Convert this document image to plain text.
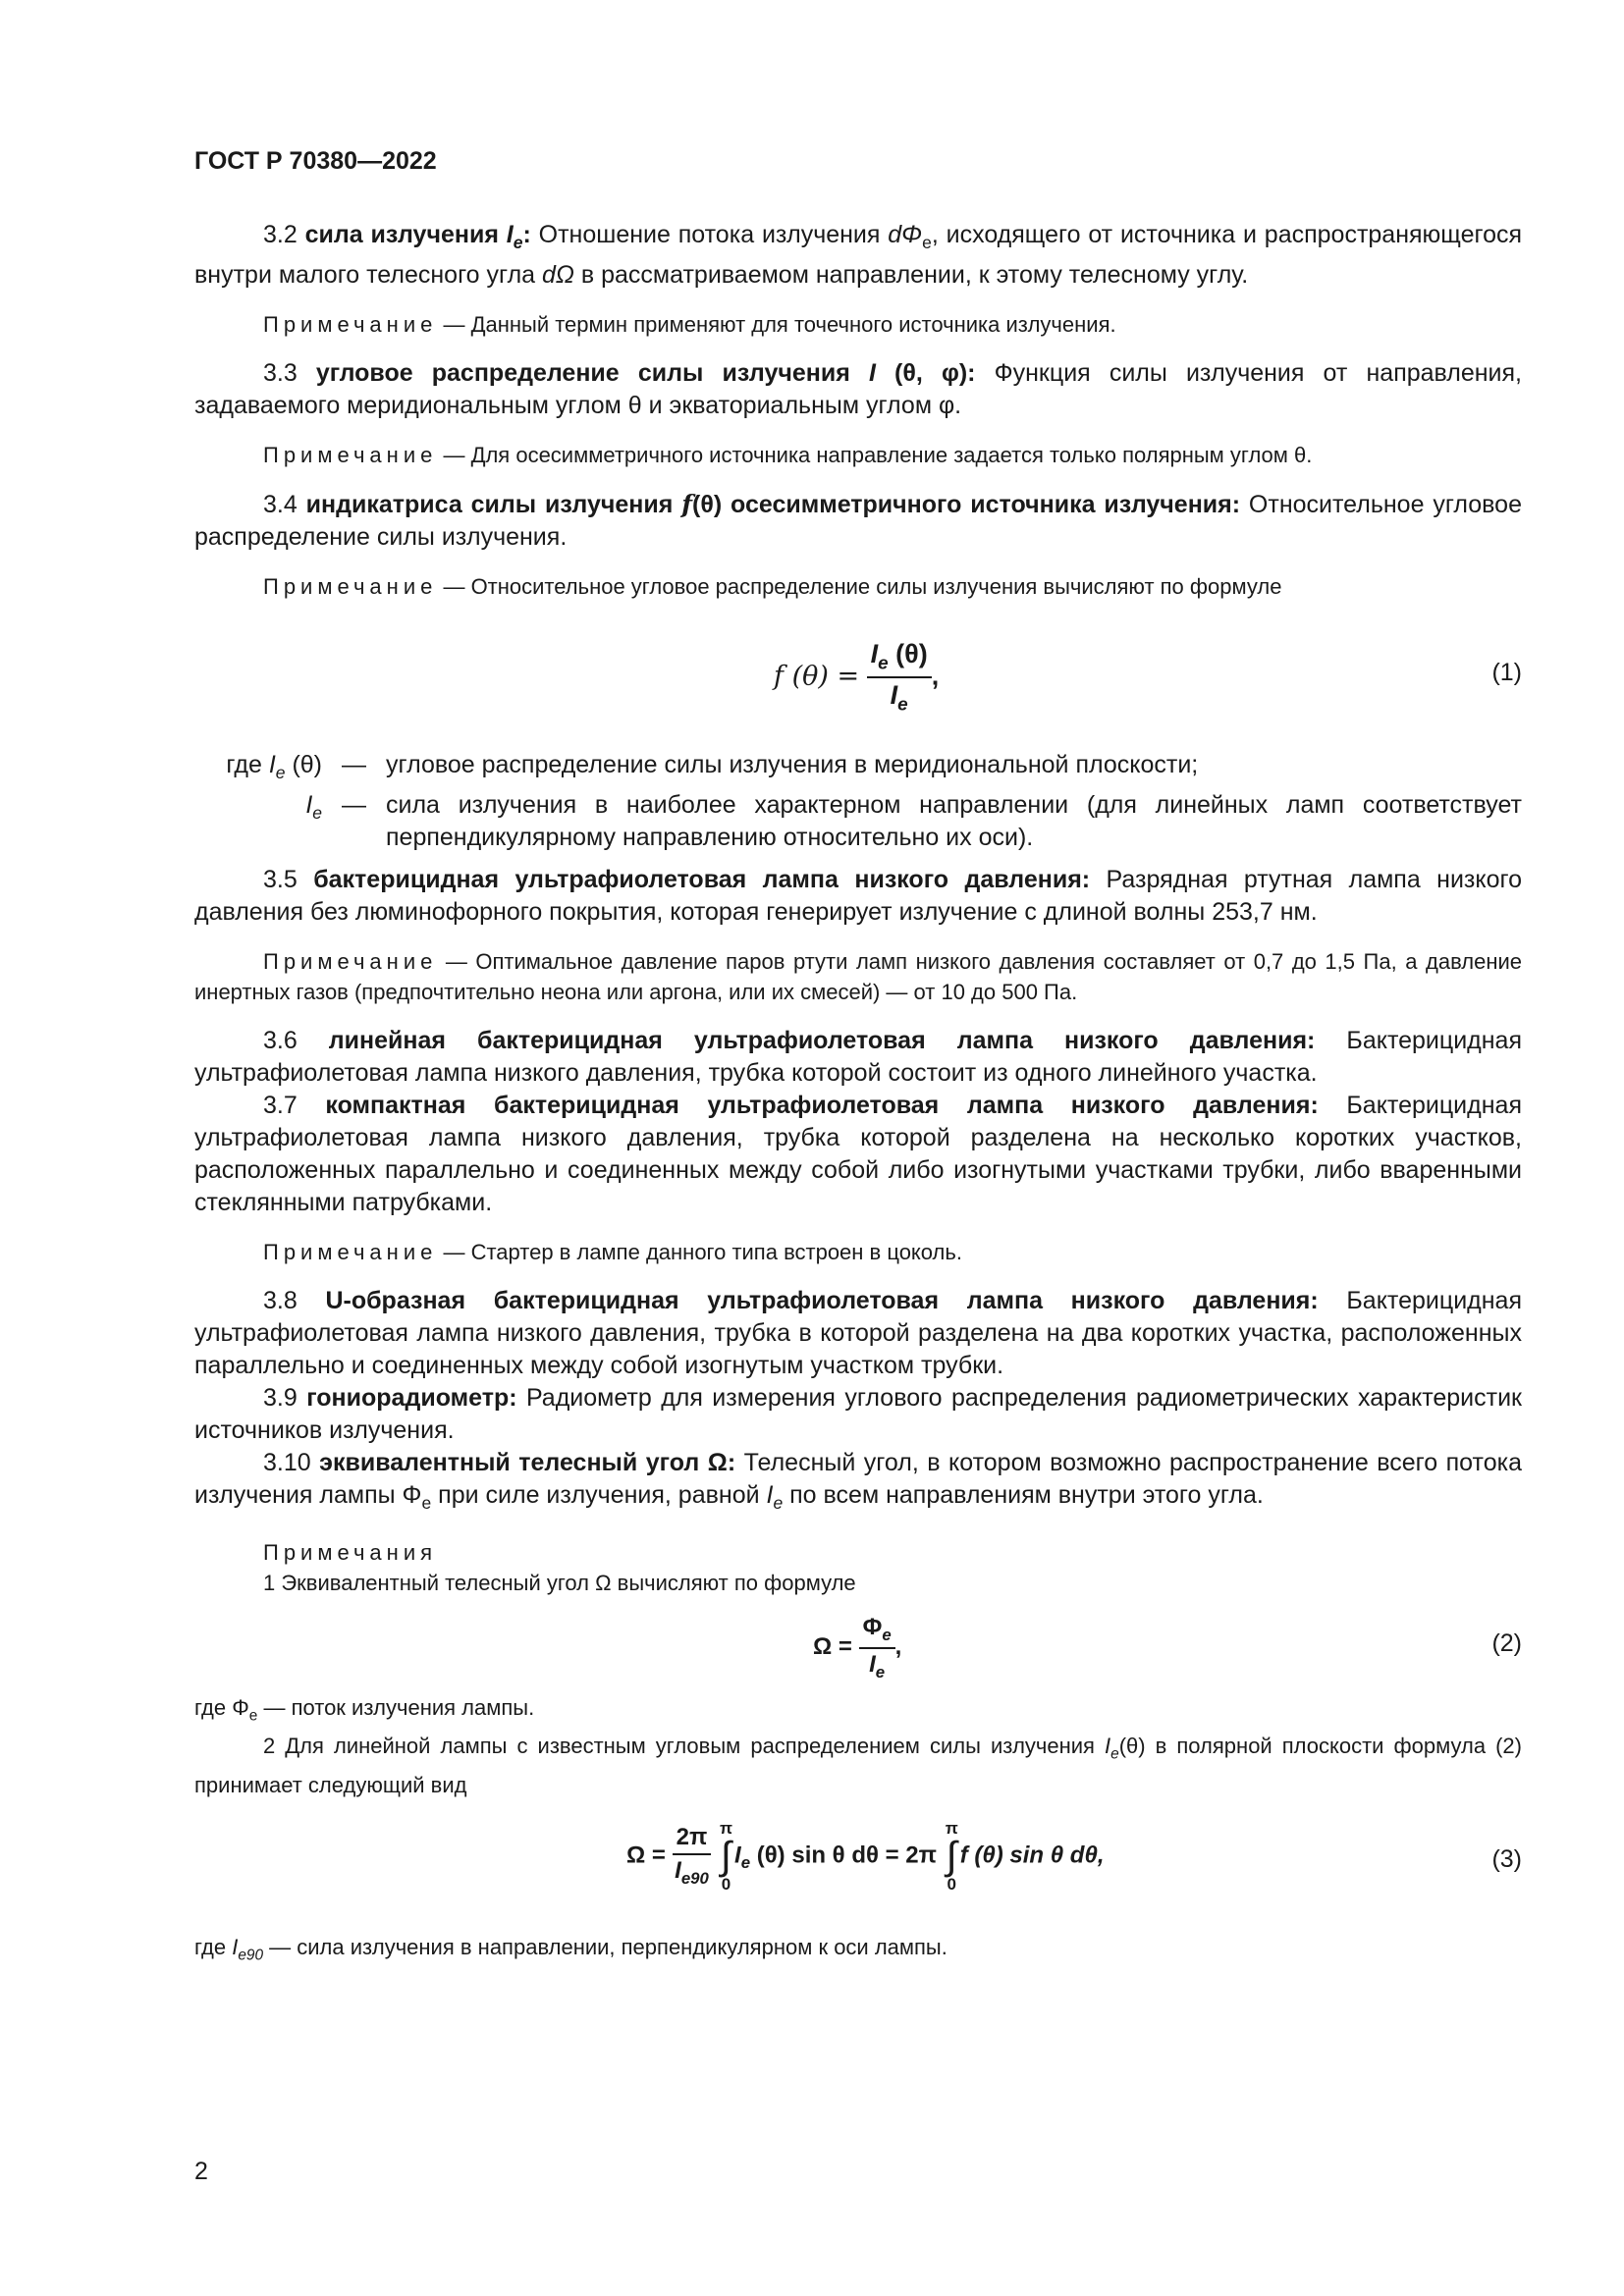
ГОСТ Р 70380—2022

3.2 сила излучения $I_e$: Отношение потока излучения $d\Phi_e$, исходящего от источника и распространяющегося внутри малого телесного угла dΩ в рассматриваемом направлении, к этому телесному углу.

Примечание — Данный термин применяют для точечного источника излучения.

3.3 угловое распределение силы излучения I (θ, φ): Функция силы излучения от направления, задаваемого меридиональным углом θ и экваториальным углом φ.

Примечание — Для осесимметричного источника направление задается только полярным углом θ.

3.4 индикатриса силы излучения f(θ) осесимметричного источника излучения: Относительное угловое распределение силы излучения.

Примечание — Относительное угловое распределение силы излучения вычисляют по формуле

f $(\theta) = \frac{I_e (\theta)}{I_e}$ ,	(1)
где $I_e$ (θ) — угловое распределение силы излучения в меридиональной плоскости;
$I_e$ — сила излучения в наиболее характерном направлении (для линейных ламп соответствует перпендикулярному направлению относительно их оси).

3.5 бактерицидная ультрафиолетовая лампа низкого давления: Разрядная ртутная лампа низкого давления без люминофорного покрытия, которая генерирует излучение с длиной волны 253,7 нм.

Примечание — Оптимальное давление паров ртути ламп низкого давления составляет от 0,7 до 1,5 Па, а давление инертных газов (предпочтительно неона или аргона, или их смесей) — от 10 до 500 Па.

3.6 линейная бактерицидная ультрафиолетовая лампа низкого давления: Бактерицидная ультрафиолетовая лампа низкого давления, трубка которой состоит из одного линейного участка.

3.7 компактная бактерицидная ультрафиолетовая лампа низкого давления: Бактерицидная ультрафиолетовая лампа низкого давления, трубка которой разделена на несколько коротких участков, расположенных параллельно и соединенных между собой либо изогнутыми участками трубки, либо вваренными стеклянными патрубками.

Примечание — Стартер в лампе данного типа встроен в цоколь.

3.8 U-образная бактерицидная ультрафиолетовая лампа низкого давления: Бактерицидная ультрафиолетовая лампа низкого давления, трубка в которой разделена на два коротких участка, расположенных параллельно и соединенных между собой изогнутым участком трубки.

3.9 гониорадиометр: Радиометр для измерения углового распределения радиометрических характеристик источников излучения.

3.10 эквивалентный телесный угол Ω: Телесный угол, в котором возможно распространение всего потока излучения лампы $\Phi_e$ при силе излучения, равной $I_e$ по всем направлениям внутри этого угла.

Примечания

1 Эквивалентный телесный угол Ω вычисляют по формуле

$\Omega = \frac{\Phi_e}{I_e}$ ,	(2)

где $\Phi_e$ — поток излучения лампы.

2 Для линейной лампы с известным угловым распределением силы излучения $I_e(\theta)$ в полярной плоскости формула (2) принимает следующий вид

$\Omega = \frac{2\pi}{I_{e90}}$
π
∫
0
$I_e$ (θ) sin θ dθ = 2π
π
∫
0
f (θ) sin θ dθ,	(3)

где $I_{e90}$ — сила излучения в направлении, перпендикулярном к оси лампы.

2
